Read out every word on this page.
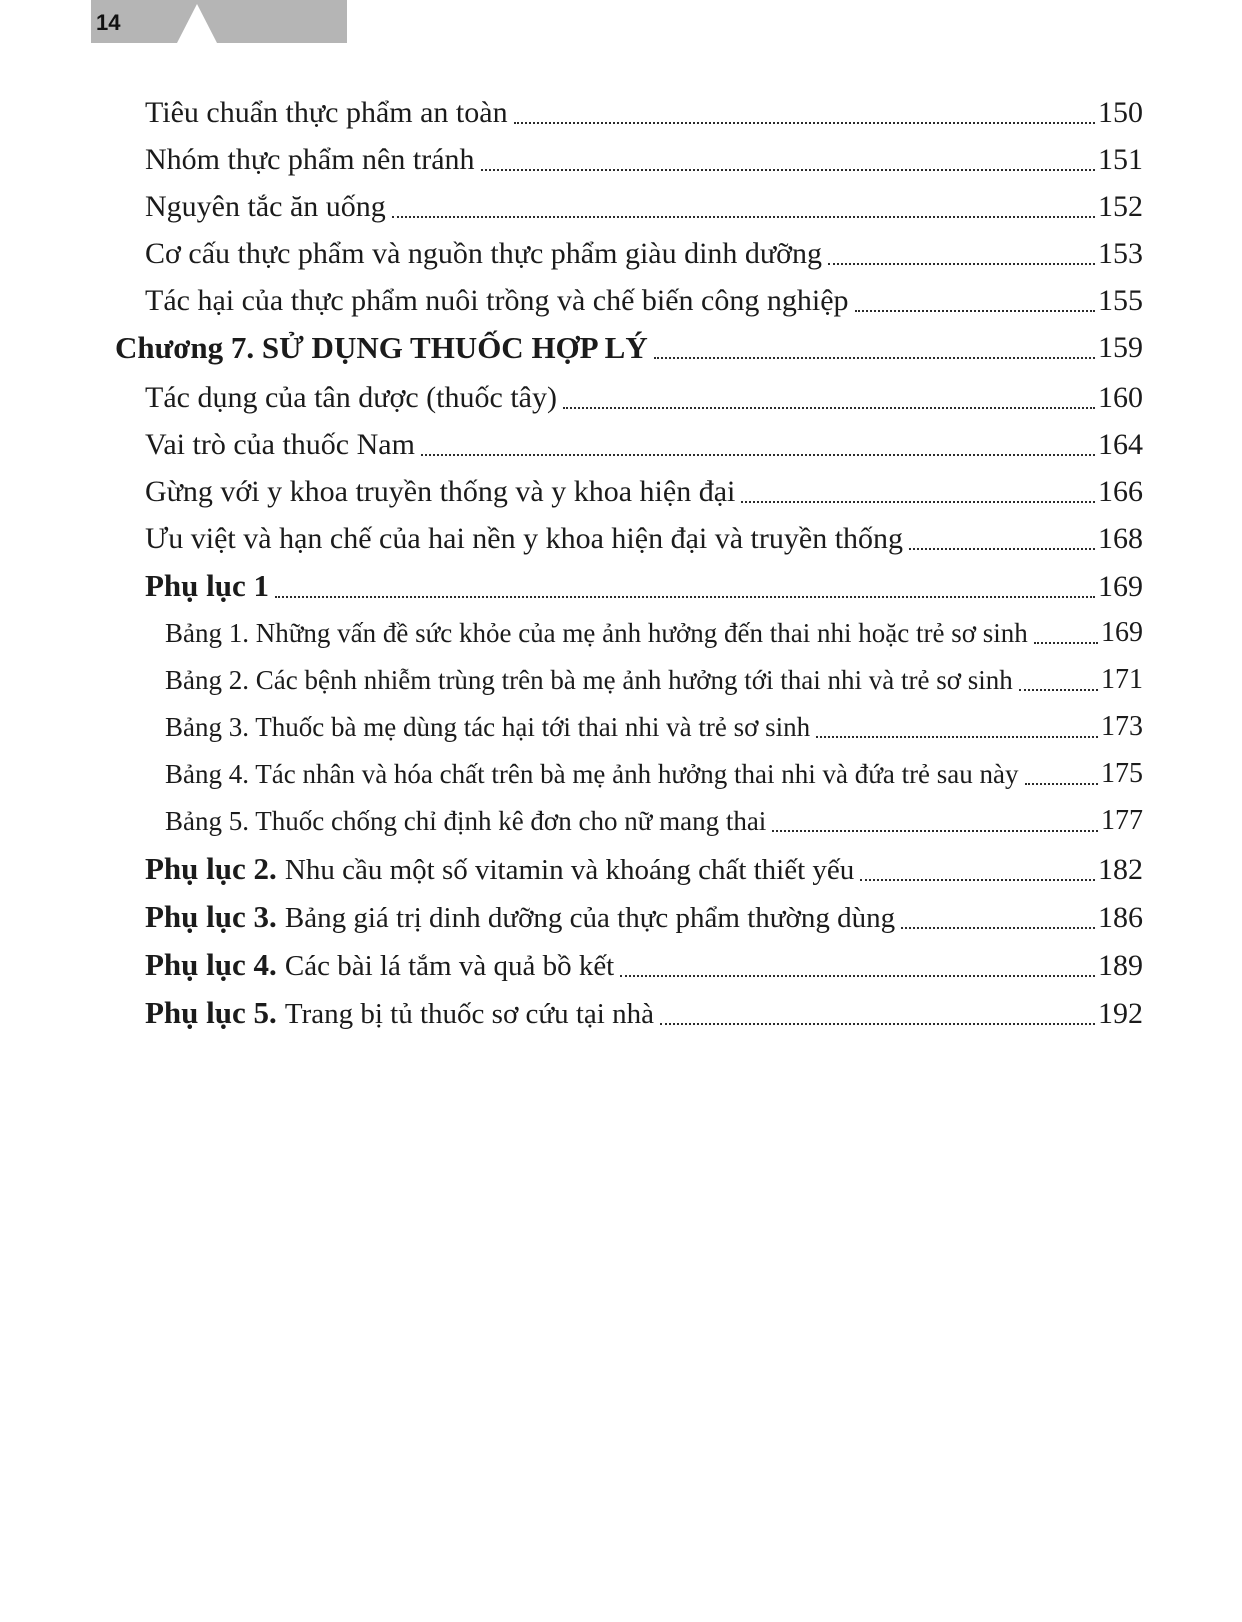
14
Tiêu chuẩn thực phẩm an toàn	150
Nhóm thực phẩm nên tránh	151
Nguyên tắc ăn uống	152
Cơ cấu thực phẩm và nguồn thực phẩm giàu dinh dưỡng	153
Tác hại của thực phẩm nuôi trồng và chế biến công nghiệp	155
Chương 7. SỬ DỤNG THUỐC HỢP LÝ	159
Tác dụng của tân dược (thuốc tây)	160
Vai trò của thuốc Nam	164
Gừng với y khoa truyền thống và y khoa hiện đại	166
Ưu việt và hạn chế của hai nền y khoa hiện đại và truyền thống	168
Phụ lục 1	169
Bảng 1. Những vấn đề sức khỏe của mẹ ảnh hưởng đến thai nhi hoặc trẻ sơ sinh	169
Bảng 2. Các bệnh nhiễm trùng trên bà mẹ ảnh hưởng tới thai nhi và trẻ sơ sinh	171
Bảng 3. Thuốc bà mẹ dùng tác hại tới thai nhi và trẻ sơ sinh	173
Bảng 4. Tác nhân và hóa chất trên bà mẹ ảnh hưởng thai nhi và đứa trẻ sau này	175
Bảng 5. Thuốc chống chỉ định kê đơn cho nữ mang thai	177
Phụ lục 2. Nhu cầu một số vitamin và khoáng chất thiết yếu	182
Phụ lục 3. Bảng giá trị dinh dưỡng của thực phẩm thường dùng	186
Phụ lục 4. Các bài lá tắm và quả bồ kết	189
Phụ lục 5. Trang bị tủ thuốc sơ cứu tại nhà	192
